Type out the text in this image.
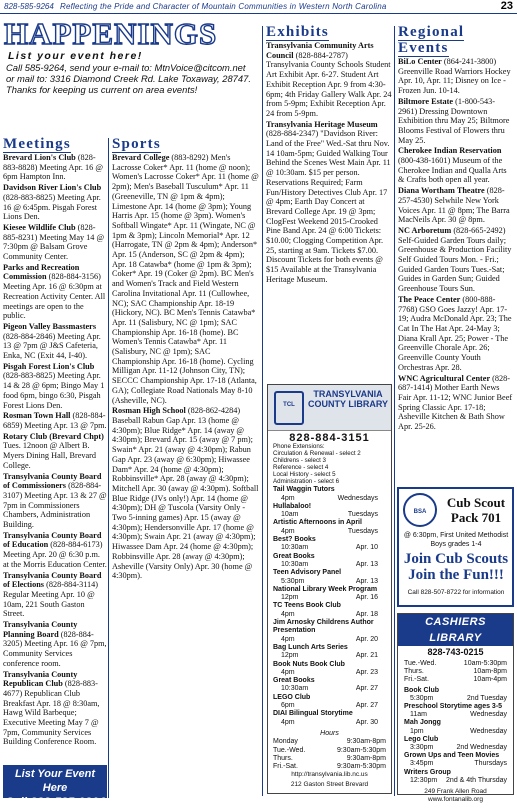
828-585-9264 Reflecting the Pride and Character of Mountain Communities in Western North Carolina	23
HAPPENINGS
List your event here!
Call 585-9264, send your e-mail to: MtnVoice@citcom.net or mail to: 3316 Diamond Creek Rd. Lake Toxaway, 28747. Thanks for keeping us current on area events!
Meetings
Brevard Lion's Club (828-883-8828) Meeting Apr. 16 @ 6pm Hampton Inn.
Davidson River Lion's Club (828-883-8825) Meeting Apr. 16 @ 6:45pm. Pisgah Forest Lions Den.
Kiesee Wildlife Club (828-885-8231) Meeting May 14 @ 7:30pm @ Balsam Grove Community Center.
Parks and Recreation Commission (828-884-3156) Meeting Apr. 16 @ 6:30pm at Recreation Activity Center. All meetings are open to the public.
Pigeon Valley Bassmasters (828-884-2846) Meeting Apr. 13 @ 7pm @ J&S Cafeteria, Enka, NC (Exit 44, I-40).
Pisgah Forest Lion's Club (828-883-8825) Meeting Apr. 14 & 28 @ 6pm; Bingo May 1 food 6pm, bingo 6:30, Pisgah Forest Lions Den.
Rosman Town Hall (828-884-6859) Meeting Apr. 13 @ 7pm.
Rotary Club (Brevard Chpt) Tues. 12noon @ Albert B. Myers Dining Hall, Brevard College.
Transylvania County Board of Commissioners (828-884-3107) Meeting Apr. 13 & 27 @ 7pm in Commissioners Chambers, Administration Building.
Transylvania County Board of Education (828-884-6173) Meeting Apr. 20 @ 6:30 p.m. at the Morris Education Center.
Transylvania County Board of Elections (828-884-3114) Regular Meeting Apr. 10 @ 10am, 221 South Gaston Street.
Transylvania County Planning Board (828-884-3205) Meeting Apr. 16 @ 7pm, Community Services conference room.
Transylvania County Republican Club (828-883-4677) Republican Club Breakfast Apr. 18 @ 8:30am, Hawg Wild Barbeque; Executive Meeting May 7 @ 7pm, Community Services Building Conference Room.
List Your Event Here
Call 828-585-9264
Sports
Brevard College (883-8292) Men's Lacrosse Coker* Apr. 11 (home @ noon); Women's Lacrosse Coker* Apr. 11 (home @ 2pm); Men's Baseball Tusculum* Apr. 11 (Greeneville, TN @ 1pm & 4pm); Limestone Apr. 14 (home @ 3pm); Young Harris Apr. 15 (home @ 3pm). Women's Softball Wingate* Apr. 11 (Wingate, NC @ 1pm & 3pm); Lincoln Memorial* Apr. 12 (Harrogate, TN @ 2pm & 4pm); Anderson* Apr. 15 (Anderson, SC @ 2pm & 4pm); Apr. 18 Catawba* (home @ 1pm & 3pm); Coker* Apr. 19 (Coker @ 2pm). BC Men's and Women's Track and Field Western Carolina Invitational Apr. 11 (Cullowhee, NC); SAC Championship Apr. 18-19 (Hickory, NC). BC Men's Tennis Catawba* Apr. 11 (Salisbury, NC @ 1pm); SAC Championship Apr. 16-18 (home). BC Women's Tennis Catawba* Apr. 11 (Salisbury, NC @ 1pm); SAC Championship Apr. 16-18 (home). Cycling Milligan Apr. 11-12 (Johnson City, TN); SECCC Championship Apr. 17-18 (Atlanta, GA); Collegiate Road Nationals May 8-10 (Asheville, NC).
Rosman High School (828-862-4284) Baseball Rabun Gap Apr. 13 (home @ 4:30pm); Blue Ridge* Apr. 14 (away @ 4:30pm); Brevard Apr. 15 (away @ 7 pm); Swain* Apr. 21 (away @ 4:30pm); Rabun Gap Apr. 23 (away @ 6:30pm); Hiwassee Dam* Apr. 24 (home @ 4:30pm); Robbinsville* Apr. 28 (away @ 4:30pm); Mitchell Apr. 30 (away @ 4:30pm). Softball Blue Ridge (JVs only!) Apr. 14 (home @ 4:30pm); DH @ Tuscola (Varsity Only - Two 5-inning games) Apr. 15 (away @ 4:30pm); Hendersonville Apr. 17 (home @ 4:30pm); Swain Apr. 21 (away @ 4:30pm); Hiwassee Dam Apr. 24 (home @ 4:30pm); Robbinsville Apr. 28 (away @ 4:30pm); Asheville (Varsity Only) Apr. 30 (home @ 4:30pm).
Exhibits
Transylvania Community Arts Council (828-884-2787) Transylvania County Schools Student Art Exhibit Apr. 6-27. Student Art Exhibit Reception Apr. 9 from 4:30-6pm; 4th Friday Gallery Walk Apr. 24 from 5-9pm; Exhibit Reception Apr. 24 from 5-9pm.
Transylvania Heritage Museum (828-884-2347) "Davidson River: Land of the Free" Wed.-Sat thru Nov. 14 10am-5pm; Guided Walking Tour Behind the Scenes West Main Apr. 11 @ 10:30am. $15 per person. Reservations Required; Farm Fun/History Detectives Club Apr. 17 @ 4pm; Earth Day Concert at Brevard College Apr. 19 @ 3pm; ClogFest Weekend 2015-Crooked Pine Band Apr. 24 @ 6:00 Tickets: $10.00; Clogging Competition Apr. 25, starting at 9am. Tickets $7.00. Discount Tickets for both events @ $15 Available at the Transylvania Heritage Museum.
Regional Events
BiLo Center (864-241-3800) Greenville Road Warriors Hockey Apr. 10, Apr. 11; Disney on Ice - Frozen Jun. 10-14.
Biltmore Estate (1-800-543-2961) Dressing Downtown Exhibition thru May 25; Biltmore Blooms Festival of Flowers thru May 25.
Cherokee Indian Reservation (800-438-1601) Museum of the Cherokee Indian and Qualla Arts & Crafts both open all year.
Diana Wortham Theatre (828-257-4530) Selwhile New York Voices Apr. 11 @ 8pm; The Barra MacNeils Apr. 30 @ 8pm.
NC Arboretum (828-665-2492) Self-Guided Garden Tours daily; Greenhouse & Production Facility Self Guided Tours Mon. - Fri.; Guided Garden Tours Tues.-Sat; Guides in Garden Sun; Guided Greenhouse Tours Sun.
The Peace Center (800-888-7768) GSO Goes Jazzy! Apr. 17-19; Audra McDonald Apr. 23; The Cat In The Hat Apr. 24-May 3; Diana Krall Apr. 25; Power - The Greenville Chorale Apr. 26; Greenville County Youth Orchestras Apr. 28.
WNC Agricultural Center (828-687-1414) Mother Earth News Fair Apr. 11-12; WNC Junior Beef Spring Classic Apr. 17-18; Asheville Kitchen & Bath Show Apr. 25-26.
TCL
TRANSYLVANIA COUNTY LIBRARY
828-884-3151
Phone Extensions:
Circulation & Renewal - select 2
Childrens - select 3
Reference - select 4
Local History - select 5
Administration - select 6
Tail Waggin Tutors
4pm	Wednesdays
Hullabaloo!
10am	Tuesdays
Artistic Afternoons in April
4pm	Tuesdays
Best? Books
10:30am	Apr. 10
Great Books
10:30am	Apr. 13
Teen Advisory Panel
5:30pm	Apr. 13
National Library Week Program
12pm	Apr. 16
TC Teens Book Club
4pm	Apr. 18
Jim Arnosky Childrens Author Presentation
4pm	Apr. 20
Bag Lunch Arts Series
12pm	Apr. 21
Book Nuts Book Club
4pm	Apr. 23
Great Books
10:30am	Apr. 27
LEGO Club
6pm	Apr. 27
DIAI Bilingual Storytime
4pm	Apr. 30
Hours
Monday	9:30am-8pm
Tue.-Wed.	9:30am-5:30pm
Thurs.	9:30am-8pm
Fri.-Sat.	9:30am-5:30pm
http://transylvania.lib.nc.us
212 Gaston Street Brevard
BSA
Cub Scout Pack 701
@ 6:30pm, First United Methodist Boys grades 1-4
Join Cub Scouts Join the Fun!!!
Call 828-507-8722 for information
CASHIERS LIBRARY
828-743-0215
Tue.-Wed.	10am-5:30pm
Thurs.	10am-8pm
Fri.-Sat.	10am-4pm
Book Club
5:30pm	2nd Tuesday
Preschool Storytime ages 3-5
11am	Wednesday
Mah Jongg
1pm	Wednesday
Lego Club
3:30pm	2nd Wednesday
Grown Ups and Teen Movies
3:45pm	Thursdays
Writers Group
12:30pm 2nd & 4th Thursday
249 Frank Allen Road www.fontanalib.org
